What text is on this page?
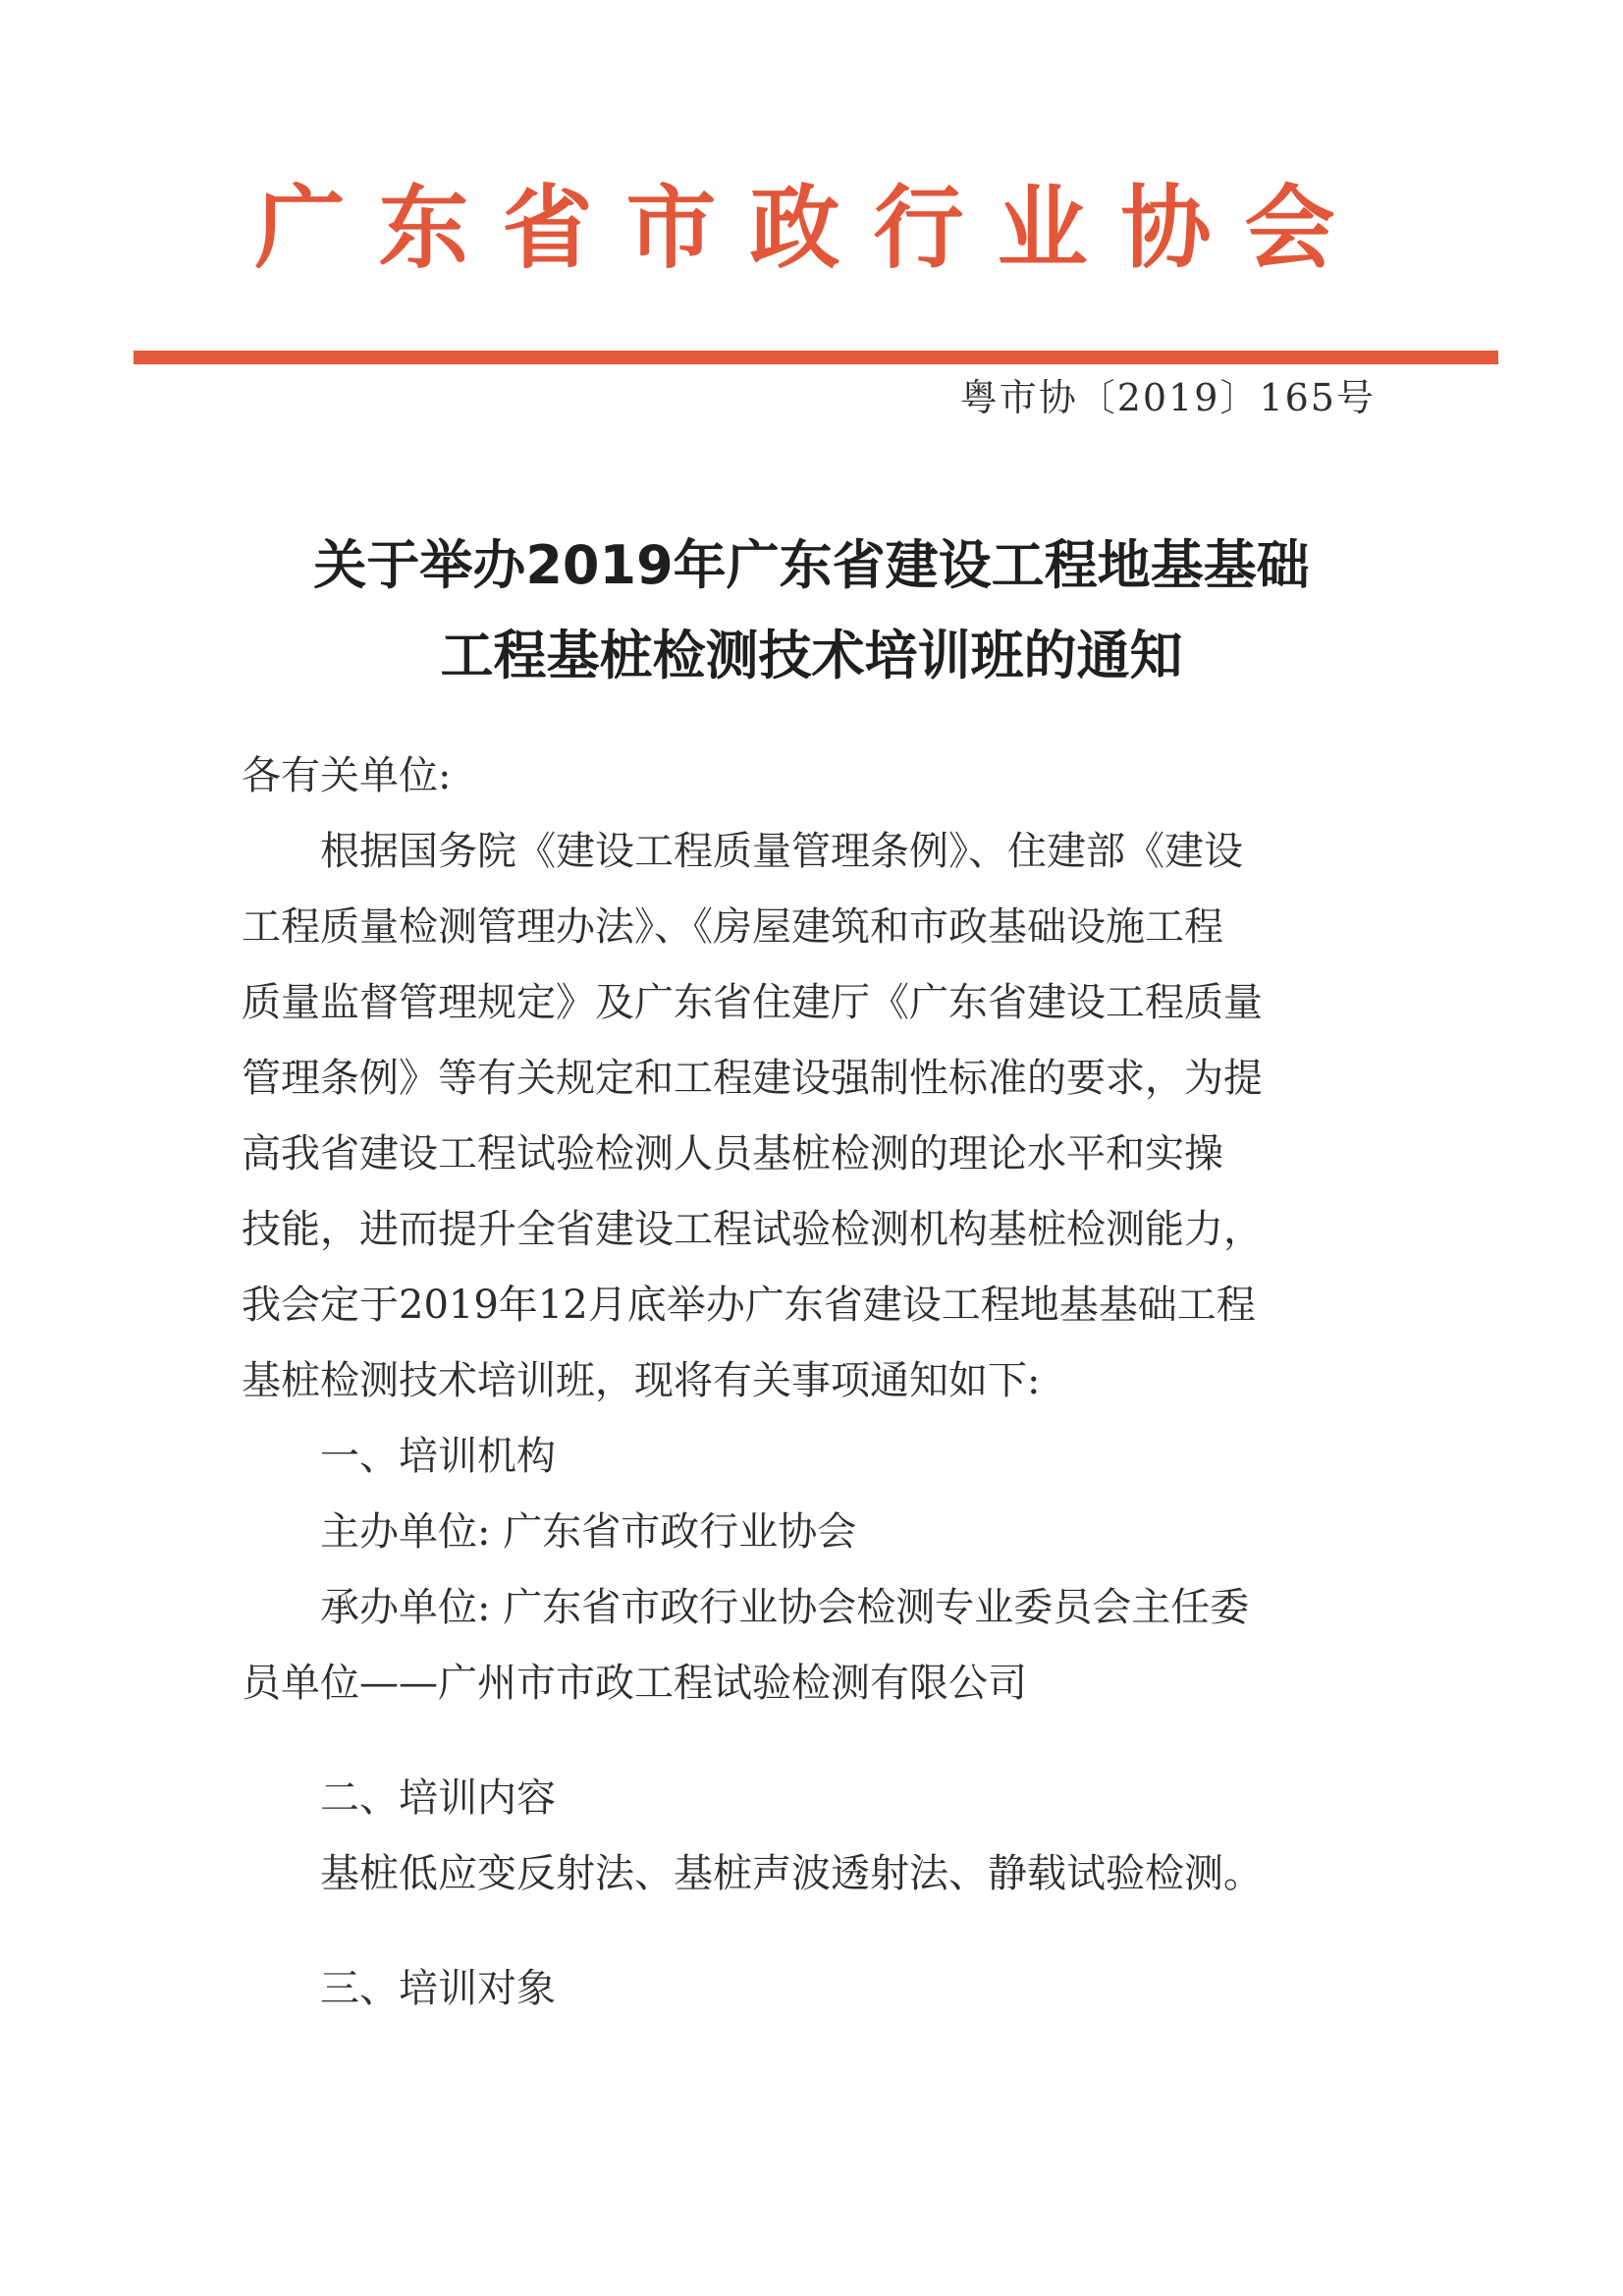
广东省市政行业协会
粤市协〔2019〕165号
关于举办2019年广东省建设工程地基基础
工程基桩检测技术培训班的通知

各有关单位:

根据国务院《建设工程质量管理条例》、住建部《建设

工程质量检测管理办法》、《房屋建筑和市政基础设施工程

质量监督管理规定》及广东省住建厅《广东省建设工程质量

管理条例》等有关规定和工程建设强制性标准的要求，为提

高我省建设工程试验检测人员基桩检测的理论水平和实操

技能，进而提升全省建设工程试验检测机构基桩检测能力，

我会定于2019年12月底举办广东省建设工程地基基础工程

基桩检测技术培训班，现将有关事项通知如下:

一、培训机构

主办单位: 广东省市政行业协会

承办单位: 广东省市政行业协会检测专业委员会主任委

员单位——广州市市政工程试验检测有限公司

二、培训内容

基桩低应变反射法、基桩声波透射法、静载试验检测。

三、培训对象
